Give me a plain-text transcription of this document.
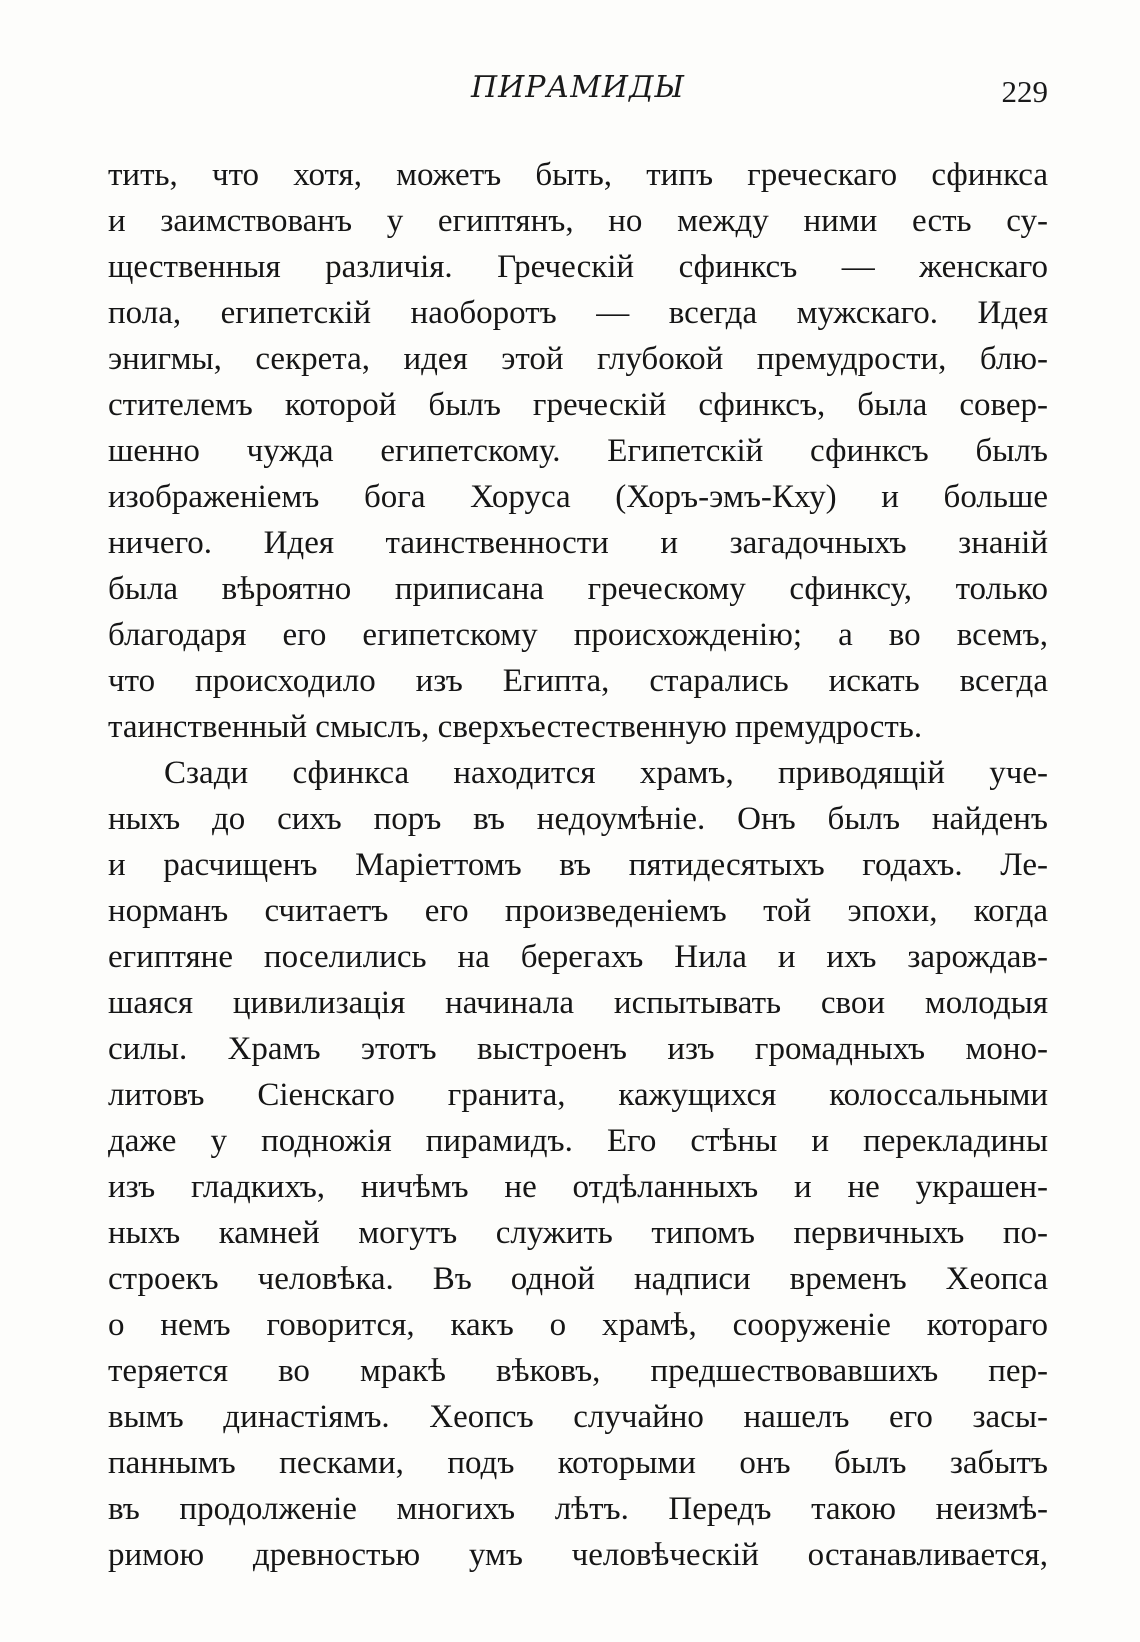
ПИРАМИДЫ	229
тить, что хотя, можетъ быть, типъ греческаго сфинкса
и заимствованъ у египтянъ, но между ними есть су-
щественныя различія. Греческій сфинксъ — женскаго
пола, египетскій наоборотъ — всегда мужскаго. Идея
энигмы, секрета, идея этой глубокой премудрости, блю-
стителемъ которой былъ греческій сфинксъ, была совер-
шенно чужда египетскому. Египетскій сфинксъ былъ
изображеніемъ бога Хоруса (Хоръ-эмъ-Кху) и больше
ничего. Идея таинственности и загадочныхъ знаній
была вѣроятно приписана греческому сфинксу, только
благодаря его египетскому происхожденію; а во всемъ,
что происходило изъ Египта, старались искать всегда
таинственный смыслъ, сверхъестественную премудрость.
Сзади сфинкса находится храмъ, приводящій уче-
ныхъ до сихъ поръ въ недоумѣніе. Онъ былъ найденъ
и расчищенъ Маріеттомъ въ пятидесятыхъ годахъ. Ле-
норманъ считаетъ его произведеніемъ той эпохи, когда
египтяне поселились на берегахъ Нила и ихъ зарождав-
шаяся цивилизація начинала испытывать свои молодыя
силы. Храмъ этотъ выстроенъ изъ громадныхъ моно-
литовъ Сіенскаго гранита, кажущихся колоссальными
даже у подножія пирамидъ. Его стѣны и перекладины
изъ гладкихъ, ничѣмъ не отдѣланныхъ и не украшен-
ныхъ камней могутъ служить типомъ первичныхъ по-
строекъ человѣка. Въ одной надписи временъ Хеопса
о немъ говорится, какъ о храмѣ, сооруженіе котораго
теряется во мракѣ вѣковъ, предшествовавшихъ пер-
вымъ династіямъ. Хеопсъ случайно нашелъ его засы-
паннымъ песками, подъ которыми онъ былъ забытъ
въ продолженіе многихъ лѣтъ. Передъ такою неизмѣ-
римою древностью умъ человѣческій останавливается,
